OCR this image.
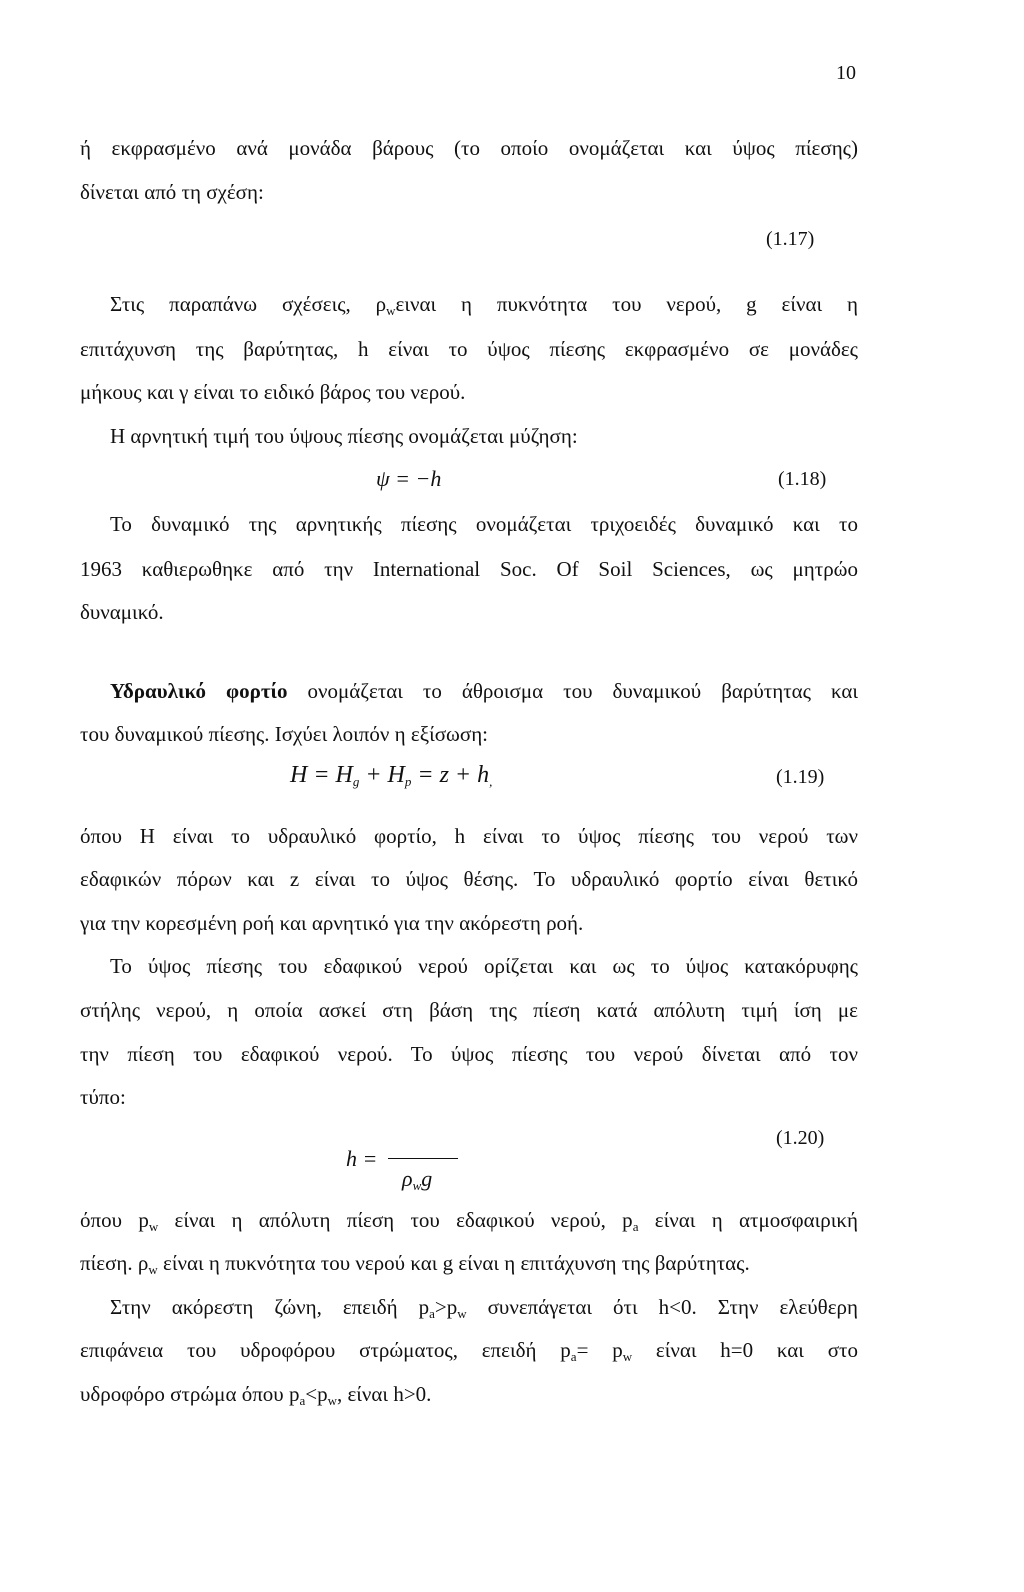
10
ή εκφρασμένο ανά μονάδα βάρους (το οποίο ονομάζεται και ύψος πίεσης)
δίνεται από τη σχέση:
(1.17)
Στις παραπάνω σχέσεις, $\rho_w\varepsilon\iota\nu\alpha\iota$ η πυκνότητα του νερού, g είναι η
επιτάχυνση της βαρύτητας, h είναι το ύψος πίεσης εκφρασμένο σε μονάδες
μήκους και γ είναι το ειδικό βάρος του νερού.
Η αρνητική τιμή του ύψους πίεσης ονομάζεται μύζηση:
ψ = −h	(1.18)
Το δυναμικό της αρνητικής πίεσης ονομάζεται τριχοειδές δυναμικό και το
1963 καθιερωθηκε από την International Soc. Of Soil Sciences, ως μητρώο
δυναμικό.
Υδραυλικό φορτίο ονομάζεται το άθροισμα του δυναμικού βαρύτητας και
του δυναμικού πίεσης. Ισχύει λοιπόν η εξίσωση:
$H = H_g + H_p = z + h_,$	(1.19)
όπου Η είναι το υδραυλικό φορτίο, h είναι το ύψος πίεσης του νερού των
εδαφικών πόρων και z είναι το ύψος θέσης. Το υδραυλικό φορτίο είναι θετικό
για την κορεσμένη ροή και αρνητικό για την ακόρεστη ροή.
Το ύψος πίεσης του εδαφικού νερού ορίζεται και ως το ύψος κατακόρυφης
στήλης νερού, η οποία ασκεί στη βάση της πίεση κατά απόλυτη τιμή ίση με
την πίεση του εδαφικού νερού. Το ύψος πίεσης του νερού δίνεται από τον
τύπο:
(1.20)
h =
$\rho_wg$
όπου $p_w$ είναι η απόλυτη πίεση του εδαφικού νερού, $p_a$ είναι η ατμοσφαιρική
πίεση. $\rho_w$ είναι η πυκνότητα του νερού και g είναι η επιτάχυνση της βαρύτητας.
Στην ακόρεστη ζώνη, επειδή $p_a>p_w$ συνεπάγεται ότι h<0. Στην ελεύθερη
επιφάνεια του υδροφόρου στρώματος, επειδή $p_a= p_w$ είναι h=0 και στο
υδροφόρο στρώμα όπου $p_a<p_w$, είναι h>0.
